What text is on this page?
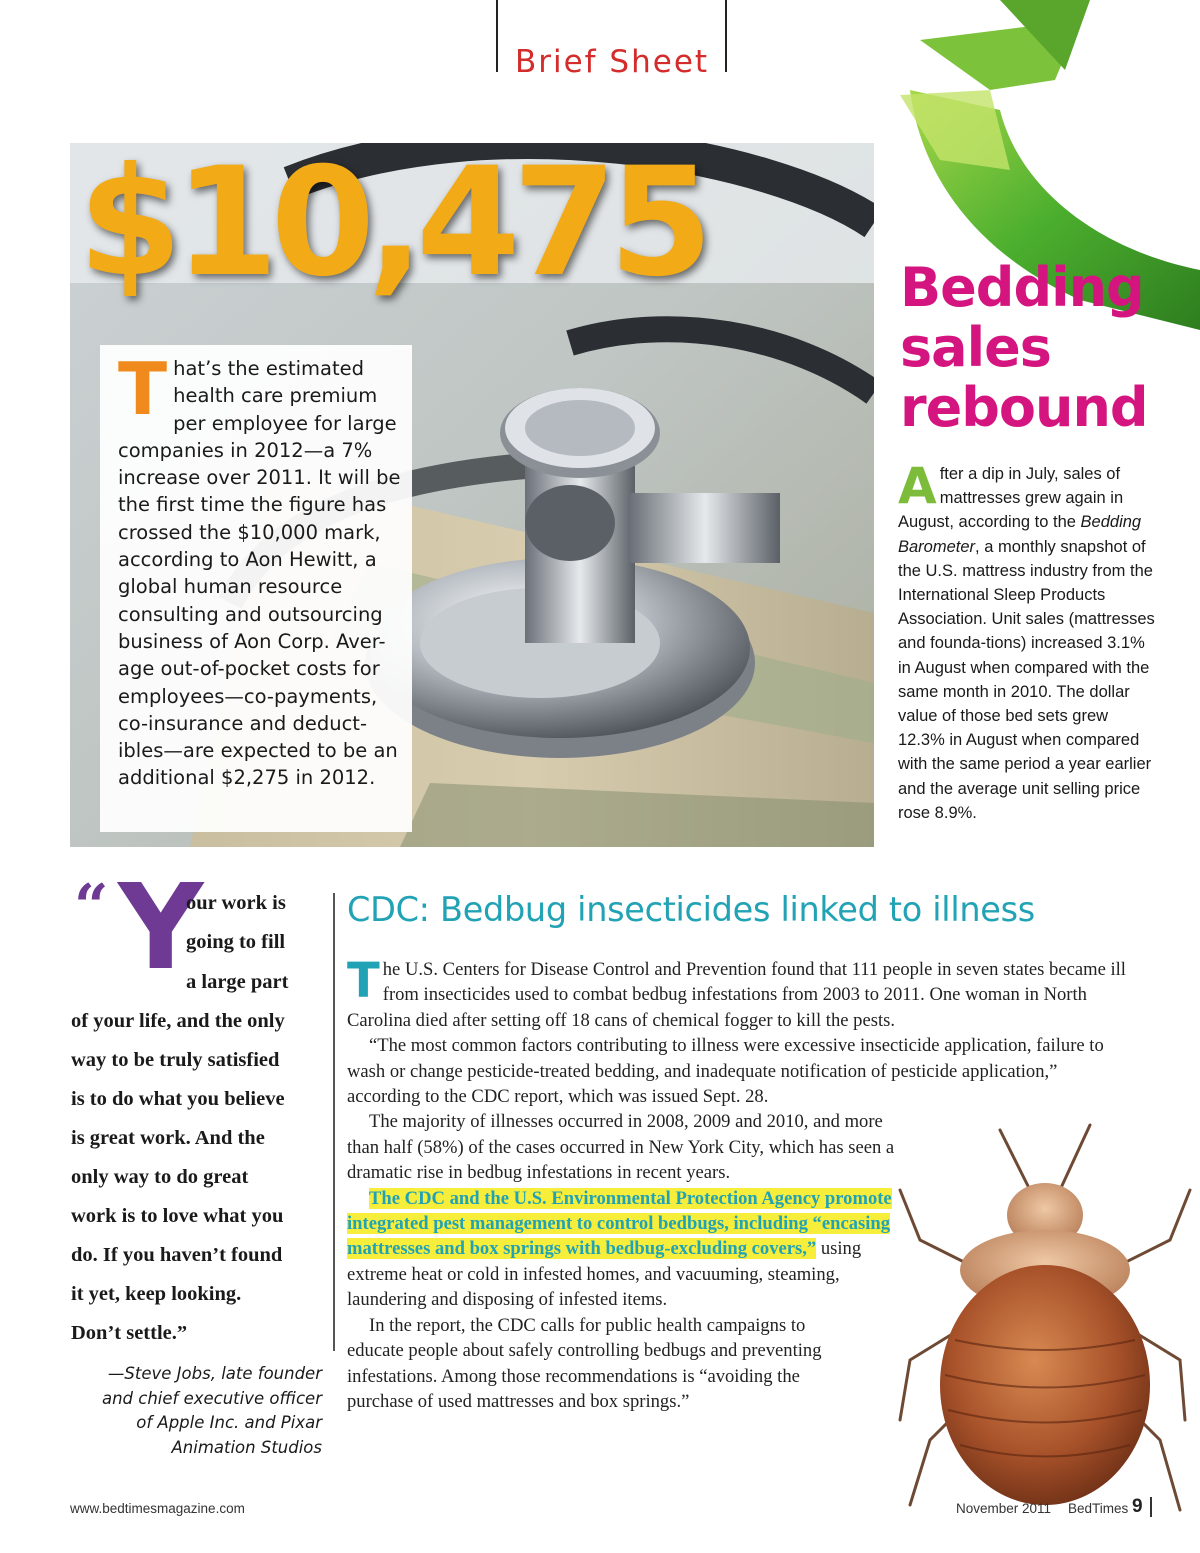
Brief Sheet
$10,475

That’s the estimated health care premium per employee for large companies in 2012—a 7% increase over 2011. It will be the first time the figure has crossed the $10,000 mark, according to Aon Hewitt, a global human resource consulting and outsourcing business of Aon Corp. Aver-age out-of-pocket costs for employees—co-payments, co-insurance and deduct-ibles—are expected to be an additional $2,275 in 2012.

Bedding
sales
rebound

After a dip in July, sales of mattresses grew again in August, according to the Bedding Barometer, a monthly snapshot of the U.S. mattress industry from the International Sleep Products Association. Unit sales (mattresses and founda-tions) increased 3.1% in August when compared with the same month in 2010. The dollar value of those bed sets grew 12.3% in August when compared with the same period a year earlier and the average unit selling price rose 8.9%.

“ Y
our work is
going to fill
a large part
of your life, and the only
way to be truly satisfied
is to do what you believe
is great work. And the
only way to do great
work is to love what you
do. If you haven’t found
it yet, keep looking.
Don’t settle.”
—Steve Jobs, late founder
and chief executive officer
of Apple Inc. and Pixar
Animation Studios
CDC: Bedbug insecticides linked to illness

The U.S. Centers for Disease Control and Prevention found that 111 people in seven states became ill from insecticides used to combat bedbug infestations from 2003 to 2011. One woman in North Carolina died after setting off 18 cans of chemical fogger to kill the pests.

“The most common factors contributing to illness were excessive insecticide application, failure to wash or change pesticide-treated bedding, and inadequate notification of pesticide application,” according to the CDC report, which was issued Sept. 28.

The majority of illnesses occurred in 2008, 2009 and 2010, and more than half (58%) of the cases occurred in New York City, which has seen a dramatic rise in bedbug infestations in recent years.

The CDC and the U.S. Environmental Protection Agency promote integrated pest management to control bedbugs, including “encasing mattresses and box springs with bedbug-excluding covers,” using extreme heat or cold in infested homes, and vacuuming, steaming, laundering and disposing of infested items.

In the report, the CDC calls for public health campaigns to educate people about safely controlling bedbugs and preventing infestations. Among those recommendations is “avoiding the purchase of used mattresses and box springs.”

www.bedtimesmagazine.com	November 2011 BedTimes 9
